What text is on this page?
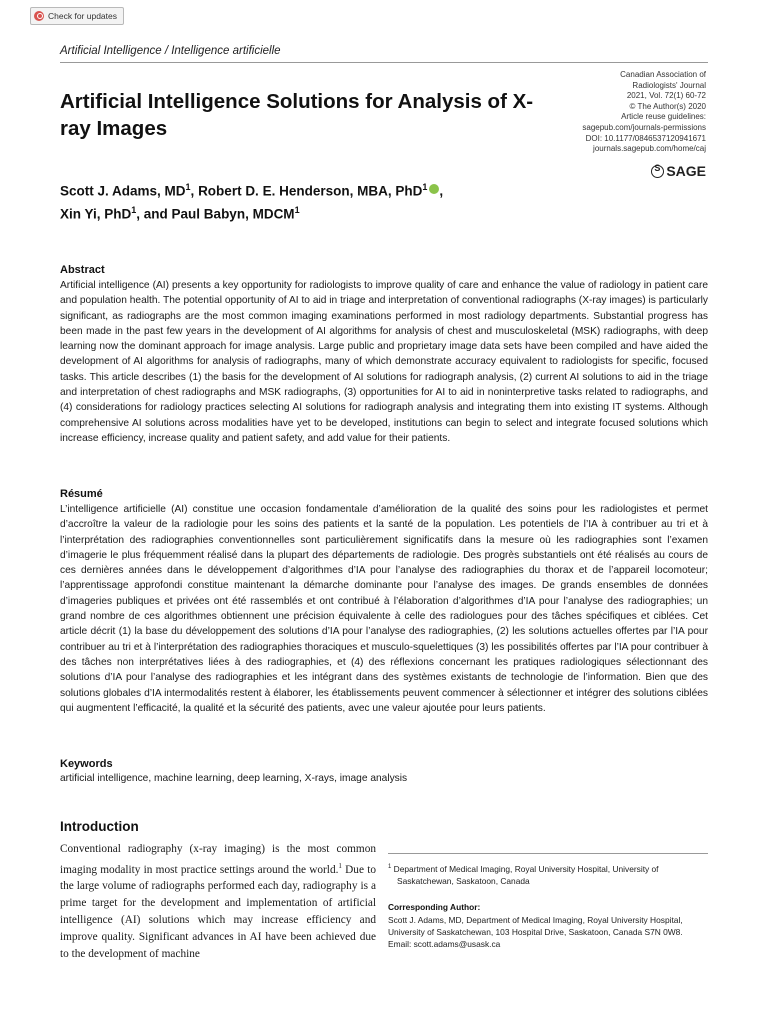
Check for updates
Artificial Intelligence / Intelligence artificielle
Canadian Association of
Radiologists' Journal
2021, Vol. 72(1) 60-72
© The Author(s) 2020
Article reuse guidelines:
sagepub.com/journals-permissions
DOI: 10.1177/0846537120941671
journals.sagepub.com/home/caj
S
SAGE
Artificial Intelligence Solutions for Analysis of X-ray Images
Scott J. Adams, $MD^1$, Robert D. E. Henderson, MBA, PhD$^1$ ,
Xin Yi, PhD$^1$, and Paul Babyn, MDCM$^1$
Abstract
Artificial intelligence (AI) presents a key opportunity for radiologists to improve quality of care and enhance the value of radiology in patient care and population health. The potential opportunity of AI to aid in triage and interpretation of conventional radiographs (X-ray images) is particularly significant, as radiographs are the most common imaging examinations performed in most radiology departments. Substantial progress has been made in the past few years in the development of AI algorithms for analysis of chest and musculoskeletal (MSK) radiographs, with deep learning now the dominant approach for image analysis. Large public and proprietary image data sets have been compiled and have aided the development of AI algorithms for analysis of radiographs, many of which demonstrate accuracy equivalent to radiologists for specific, focused tasks. This article describes (1) the basis for the development of AI solutions for radiograph analysis, (2) current AI solutions to aid in the triage and interpretation of chest radiographs and MSK radiographs, (3) opportunities for AI to aid in noninterpretive tasks related to radiographs, and (4) considerations for radiology practices selecting AI solutions for radiograph analysis and integrating them into existing IT systems. Although comprehensive AI solutions across modalities have yet to be developed, institutions can begin to select and integrate focused solutions which increase efficiency, increase quality and patient safety, and add value for their patients.
Résumé
L’intelligence artificielle (AI) constitue une occasion fondamentale d’amélioration de la qualité des soins pour les radiologistes et permet d’accroître la valeur de la radiologie pour les soins des patients et la santé de la population. Les potentiels de l’IA à contribuer au tri et à l’interprétation des radiographies conventionnelles sont particulièrement significatifs dans la mesure où les radiographies sont l’examen d’imagerie le plus fréquemment réalisé dans la plupart des départements de radiologie. Des progrès substantiels ont été réalisés au cours de ces dernières années dans le développement d’algorithmes d’IA pour l’analyse des radiographies du thorax et de l’appareil locomoteur; l’apprentissage approfondi constitue maintenant la démarche dominante pour l’analyse des images. De grands ensembles de données d’imageries publiques et privées ont été rassemblés et ont contribué à l’élaboration d’algorithmes d’IA pour l’analyse des radiographies; un grand nombre de ces algorithmes obtiennent une précision équivalente à celle des radiologues pour des tâches spécifiques et ciblées. Cet article décrit (1) la base du développement des solutions d’IA pour l’analyse des radiographies, (2) les solutions actuelles offertes par l’IA pour contribuer au tri et à l’interprétation des radiographies thoraciques et musculo-squelettiques (3) les possibilités offertes par l’IA pour contribuer à des tâches non interprétatives liées à des radiographies, et (4) des réflexions concernant les pratiques radiologiques sélectionnant des solutions d’IA pour l’analyse des radiographies et les intégrant dans des systèmes existants de technologie de l’information. Bien que des solutions globales d’IA intermodalités restent à élaborer, les établissements peuvent commencer à sélectionner et intégrer des solutions ciblées qui augmentent l’efficacité, la qualité et la sécurité des patients, avec une valeur ajoutée pour leurs patients.
Keywords
artificial intelligence, machine learning, deep learning, X-rays, image analysis
Introduction
Conventional radiography (x-ray imaging) is the most common imaging modality in most practice settings around the world.$^1$ Due to the large volume of radiographs performed each day, radiography is a prime target for the development and implementation of artificial intelligence (AI) solutions which may increase efficiency and improve quality. Significant advances in AI have been achieved due to the development of machine
$^1$ Department of Medical Imaging, Royal University Hospital, University of
Saskatchewan, Saskatoon, Canada
Corresponding Author:
Scott J. Adams, MD, Department of Medical Imaging, Royal University Hospital,
University of Saskatchewan, 103 Hospital Drive, Saskatoon, Canada S7N 0W8.
Email: scott.adams@usask.ca
